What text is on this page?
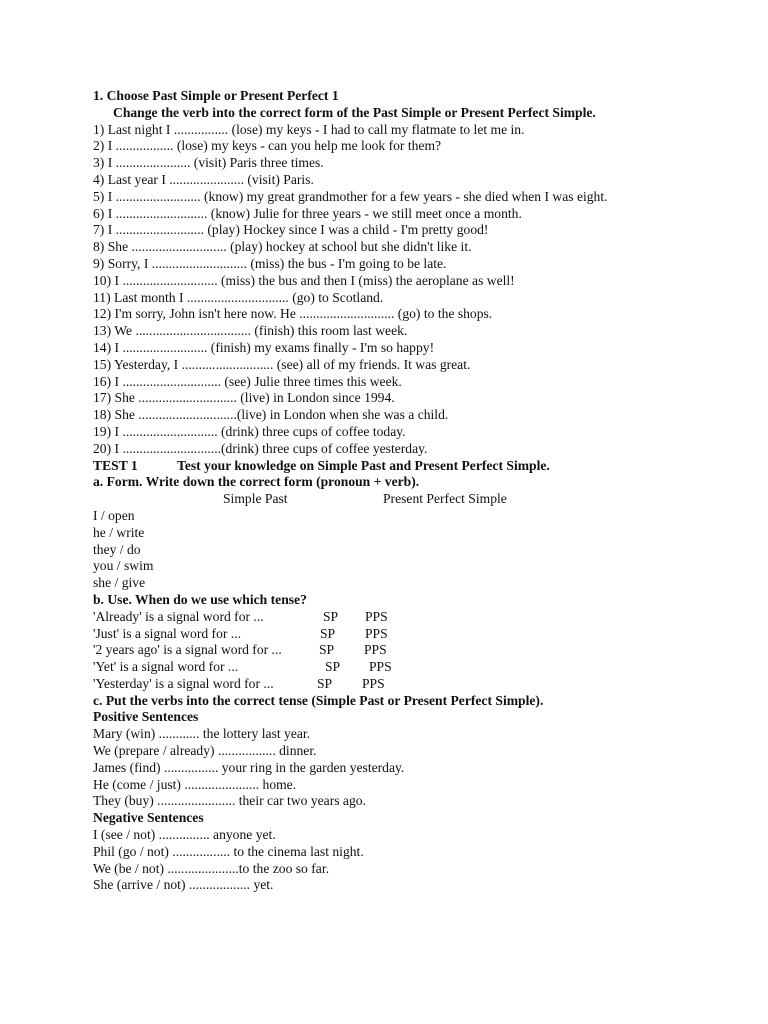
1. Choose Past Simple or Present Perfect 1
Change the verb into the correct form of the Past Simple or Present Perfect Simple.
1) Last night I ................ (lose) my keys - I had to call my flatmate to let me in.
2) I ................. (lose) my keys - can you help me look for them?
3) I ...................... (visit) Paris three times.
4) Last year I ...................... (visit) Paris.
5) I ......................... (know) my great grandmother for a few years - she died when I was eight.
6) I ........................... (know) Julie for three years - we still meet once a month.
7) I .......................... (play) Hockey since I was a child - I'm pretty good!
8) She ............................ (play) hockey at school but she didn't like it.
9) Sorry, I ............................ (miss) the bus - I'm going to be late.
10) I ............................ (miss) the bus and then I (miss) the aeroplane as well!
11) Last month I .............................. (go) to Scotland.
12) I'm sorry, John isn't here now. He ............................ (go) to the shops.
13) We .................................. (finish) this room last week.
14) I ......................... (finish) my exams finally - I'm so happy!
15) Yesterday, I ........................... (see) all of my friends. It was great.
16) I ............................. (see) Julie three times this week.
17) She ............................. (live) in London since 1994.
18) She .............................(live) in London when she was a child.
19) I ............................ (drink) three cups of coffee today.
20) I .............................(drink) three cups of coffee yesterday.
TEST 1	Test your knowledge on Simple Past and Present Perfect Simple.
a. Form. Write down the correct form (pronoun + verb).
Simple Past	Present Perfect Simple
I / open
he / write
they / do
you / swim
she / give
b. Use. When do we use which tense?
'Already' is a signal word for ...	SP PPS
'Just' is a signal word for ...	SP PPS
'2 years ago' is a signal word for ...	SP PPS
'Yet' is a signal word for ...	SP PPS
'Yesterday' is a signal word for ...	SP PPS
c. Put the verbs into the correct tense (Simple Past or Present Perfect Simple).
Positive Sentences
Mary (win) ............ the lottery last year.
We (prepare / already) ................. dinner.
James (find) ................ your ring in the garden yesterday.
He (come / just) ...................... home.
They (buy) ....................... their car two years ago.
Negative Sentences
I (see / not) ............... anyone yet.
Phil (go / not) ................. to the cinema last night.
We (be / not) .....................to the zoo so far.
She (arrive / not) .................. yet.
